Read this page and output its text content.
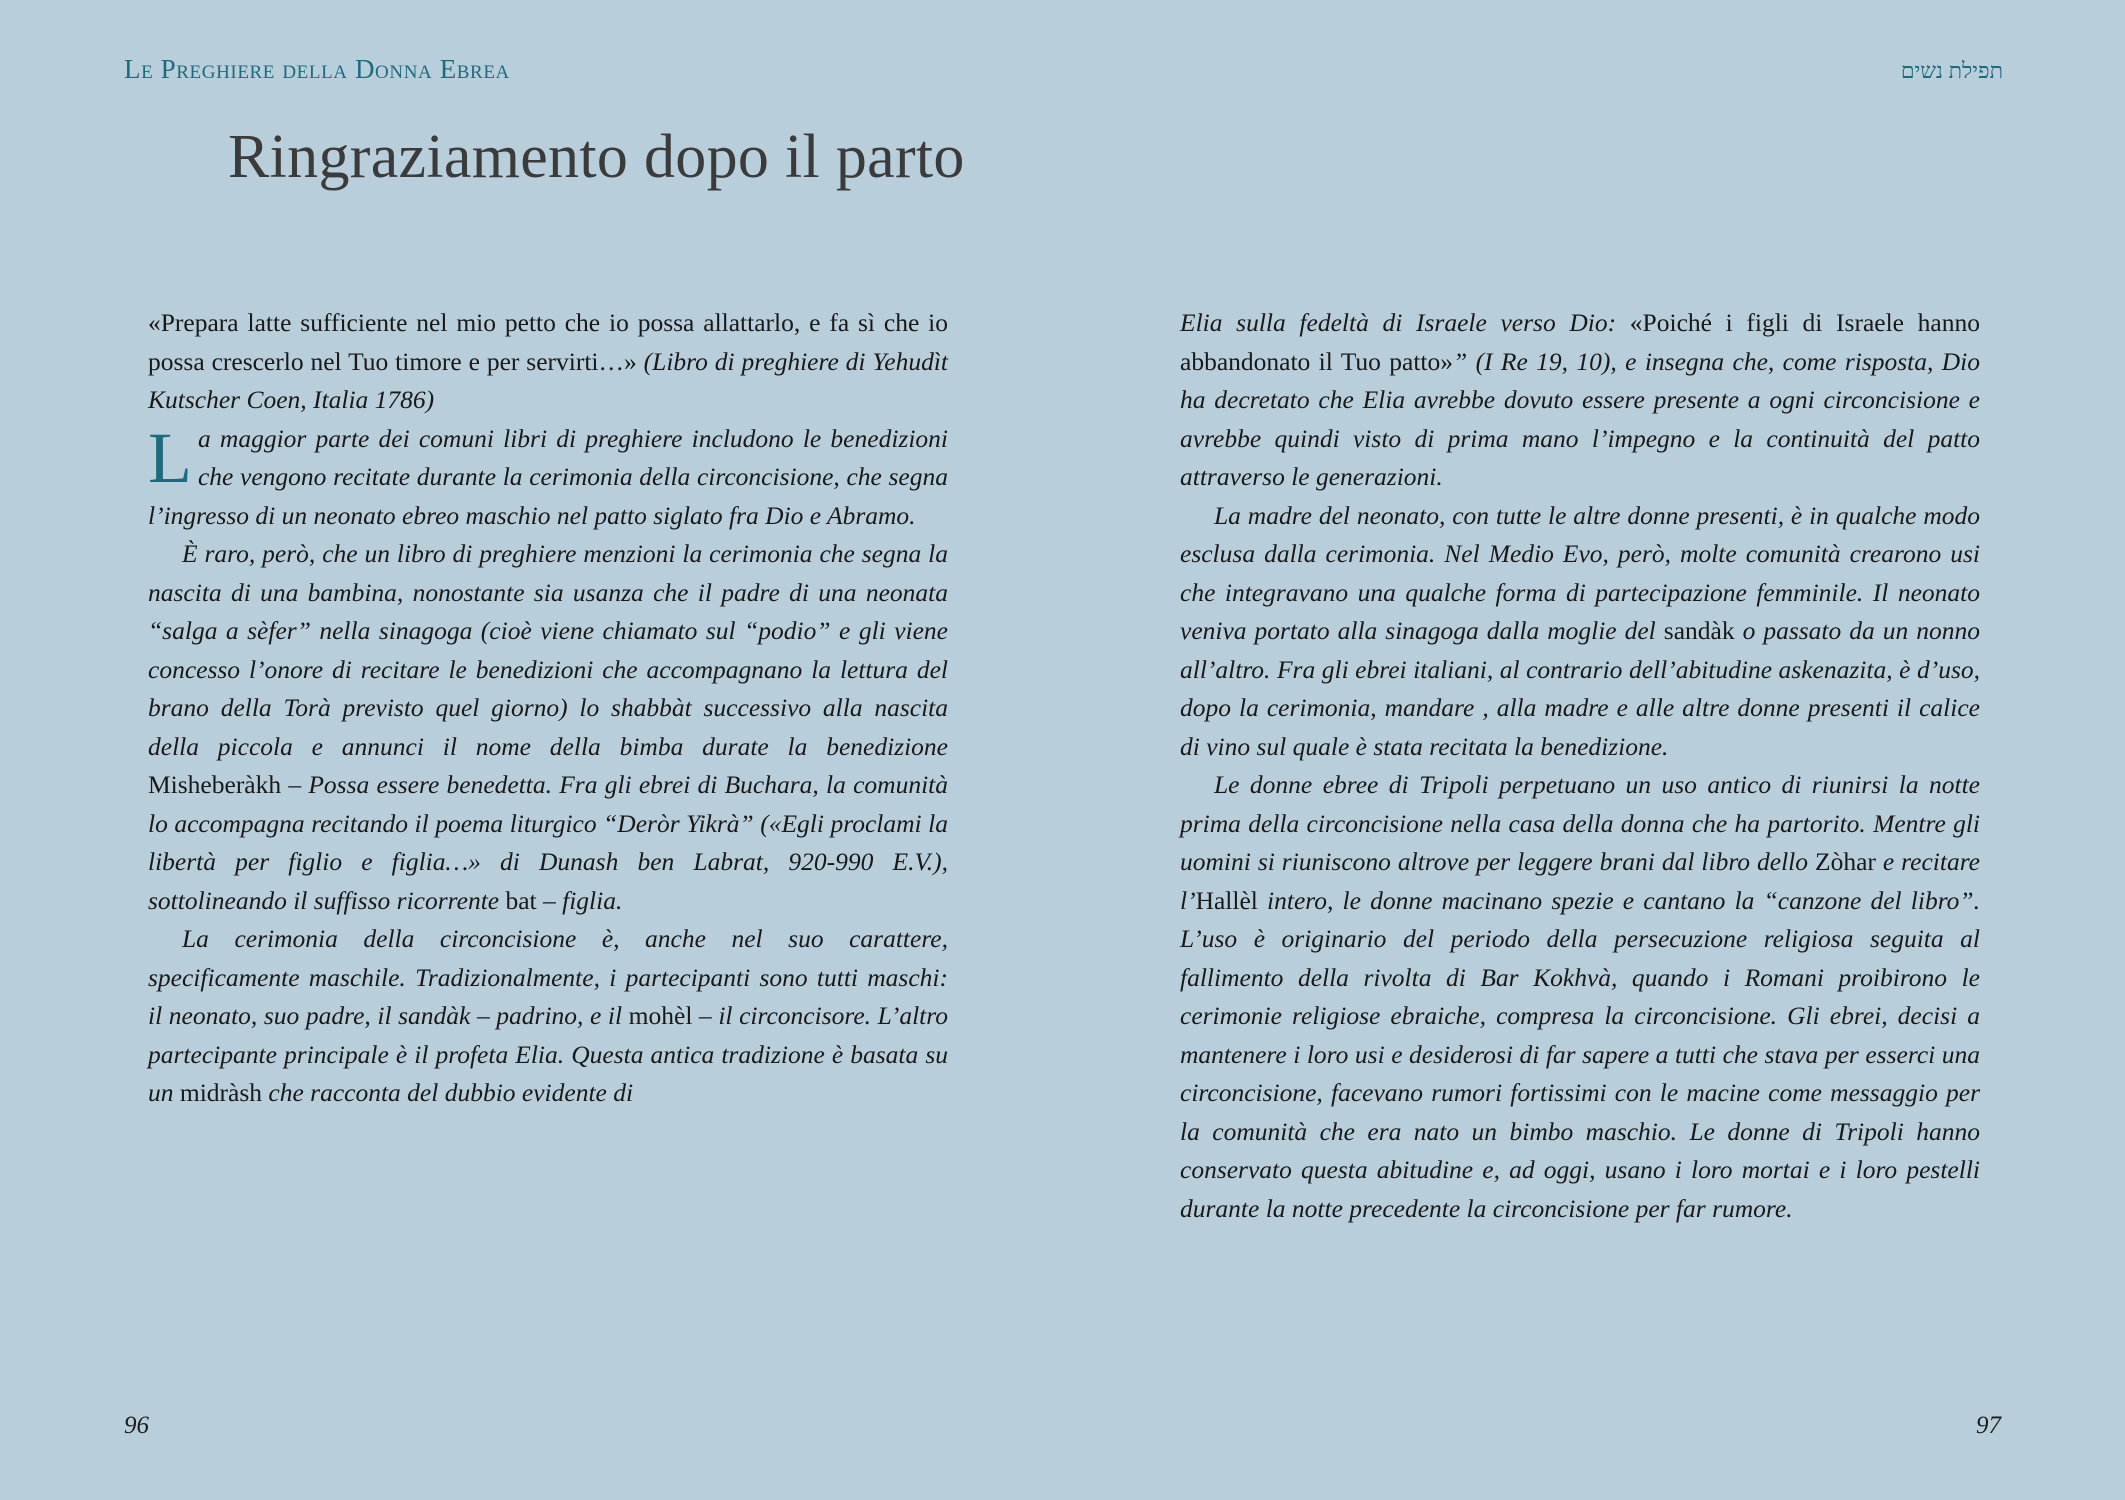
Le Preghiere della Donna Ebrea	תפילת נשים
Ringraziamento dopo il parto

«Prepara latte sufficiente nel mio petto che io possa allattarlo, e fa sì che io possa crescerlo nel Tuo timore e per servirti…» (Libro di preghiere di Yehudìt Kutscher Coen, Italia 1786)

La maggior parte dei comuni libri di preghiere includono le benedizioni che vengono recitate durante la cerimonia della circoncisione, che segna l’ingresso di un neonato ebreo maschio nel patto siglato fra Dio e Abramo.

È raro, però, che un libro di preghiere menzioni la cerimonia che segna la nascita di una bambina, nonostante sia usanza che il padre di una neonata “salga a sèfer” nella sinagoga (cioè viene chiamato sul “podio” e gli viene concesso l’onore di recitare le benedizioni che accompagnano la lettura del brano della Torà previsto quel giorno) lo shabbàt successivo alla nascita della piccola e annunci il nome della bimba durate la benedizione Misheberàkh – Possa essere benedetta. Fra gli ebrei di Buchara, la comunità lo accompagna recitando il poema liturgico “Deròr Yikrà” («Egli proclami la libertà per figlio e figlia…» di Dunash ben Labrat, 920-990 E.V.), sottolineando il suffisso ricorrente bat – figlia.

La cerimonia della circoncisione è, anche nel suo carattere, specificamente maschile. Tradizionalmente, i partecipanti sono tutti maschi: il neonato, suo padre, il sandàk – padrino, e il mohèl – il circoncisore. L’altro partecipante principale è il profeta Elia. Questa antica tradizione è basata su un midràsh che racconta del dubbio evidente di

Elia sulla fedeltà di Israele verso Dio: «Poiché i figli di Israele hanno abbandonato il Tuo patto»” (I Re 19, 10), e insegna che, come risposta, Dio ha decretato che Elia avrebbe dovuto essere presente a ogni circoncisione e avrebbe quindi visto di prima mano l’impegno e la continuità del patto attraverso le generazioni.

La madre del neonato, con tutte le altre donne presenti, è in qualche modo esclusa dalla cerimonia. Nel Medio Evo, però, molte comunità crearono usi che integravano una qualche forma di partecipazione femminile. Il neonato veniva portato alla sinagoga dalla moglie del sandàk o passato da un nonno all’altro. Fra gli ebrei italiani, al contrario dell’abitudine askenazita, è d’uso, dopo la cerimonia, mandare , alla madre e alle altre donne presenti il calice di vino sul quale è stata recitata la benedizione.

Le donne ebree di Tripoli perpetuano un uso antico di riunirsi la notte prima della circoncisione nella casa della donna che ha partorito. Mentre gli uomini si riuniscono altrove per leggere brani dal libro dello Zòhar e recitare l’Hallèl intero, le donne macinano spezie e cantano la “canzone del libro”. L’uso è originario del periodo della persecuzione religiosa seguita al fallimento della rivolta di Bar Kokhvà, quando i Romani proibirono le cerimonie religiose ebraiche, compresa la circoncisione. Gli ebrei, decisi a mantenere i loro usi e desiderosi di far sapere a tutti che stava per esserci una circoncisione, facevano rumori fortissimi con le macine come messaggio per la comunità che era nato un bimbo maschio. Le donne di Tripoli hanno conservato questa abitudine e, ad oggi, usano i loro mortai e i loro pestelli durante la notte precedente la circoncisione per far rumore.

96	97
